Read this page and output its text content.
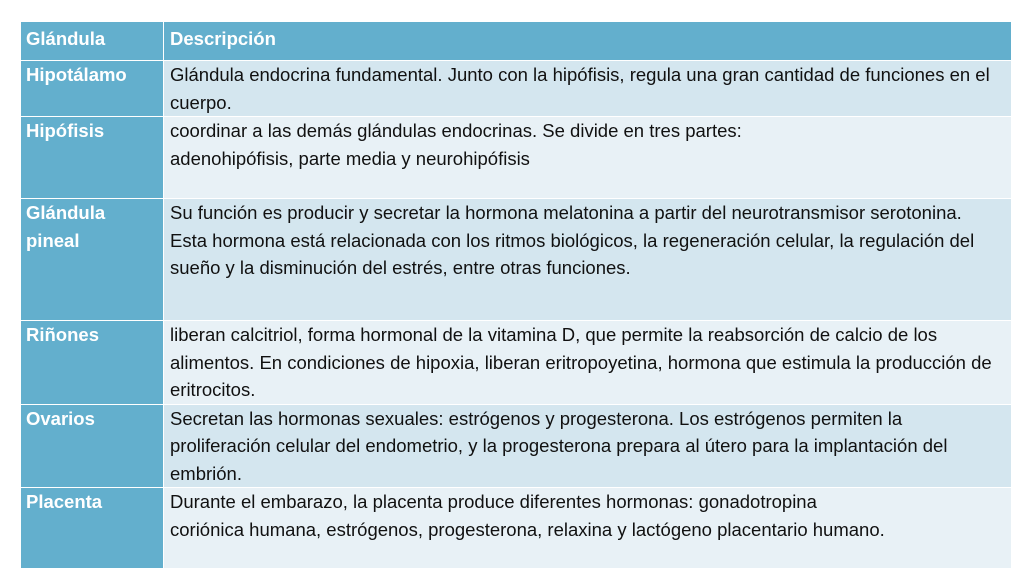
Glándula	Descripción

Hipotálamo	Glándula endocrina fundamental. Junto con la hipófisis, regula una gran cantidad de funciones en el cuerpo.
Hipófisis	coordinar a las demás glándulas endocrinas. Se divide en tres partes:
adenohipófisis, parte media y neurohipófisis

Glándula pineal	Su función es producir y secretar la hormona melatonina a partir del neurotransmisor serotonina. Esta hormona está relacionada con los ritmos biológicos, la regeneración celular, la regulación del sueño y la disminución del estrés, entre otras funciones.
Riñones	liberan calcitriol, forma hormonal de la vitamina D, que permite la reabsorción de calcio de los alimentos. En condiciones de hipoxia, liberan eritropoyetina, hormona que estimula la producción de eritrocitos.
Ovarios	Secretan las hormonas sexuales: estrógenos y progesterona. Los estrógenos permiten la proliferación celular del endometrio, y la progesterona prepara al útero para la implantación del embrión.
Placenta	Durante el embarazo, la placenta produce diferentes hormonas: gonadotropina
coriónica humana, estrógenos, progesterona, relaxina y lactógeno placentario humano.
